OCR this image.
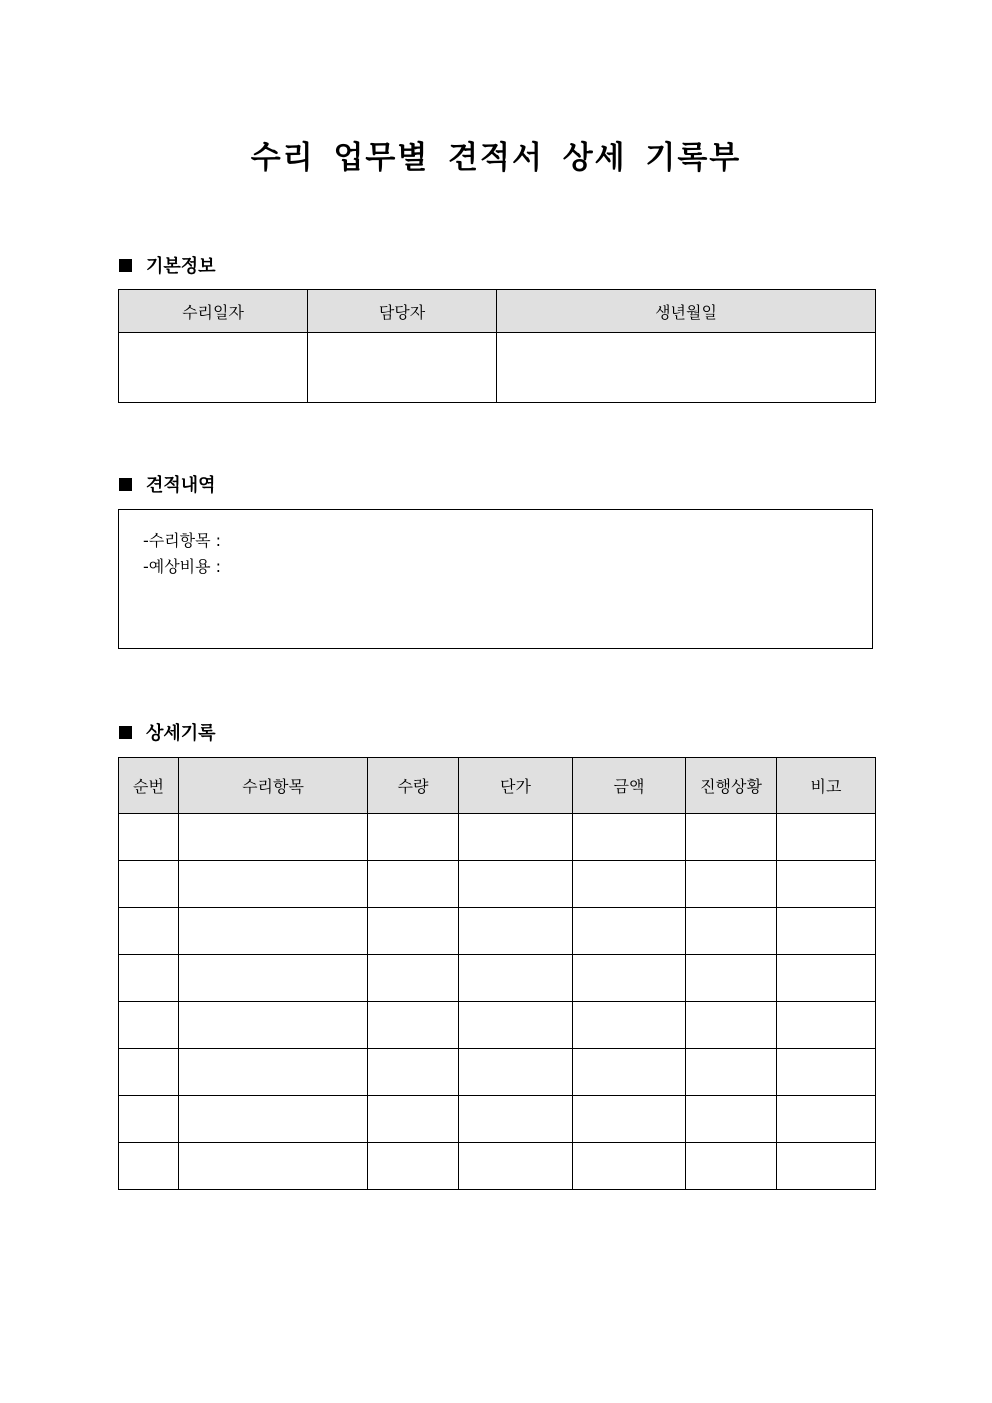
수리 업무별 견적서 상세 기록부
기본정보
수리일자	담당자	생년월일

견적내역
-수리항목 :
-예상비용 :
상세기록
순번	수리항목	수량	단가	금액	진행상황	비고
